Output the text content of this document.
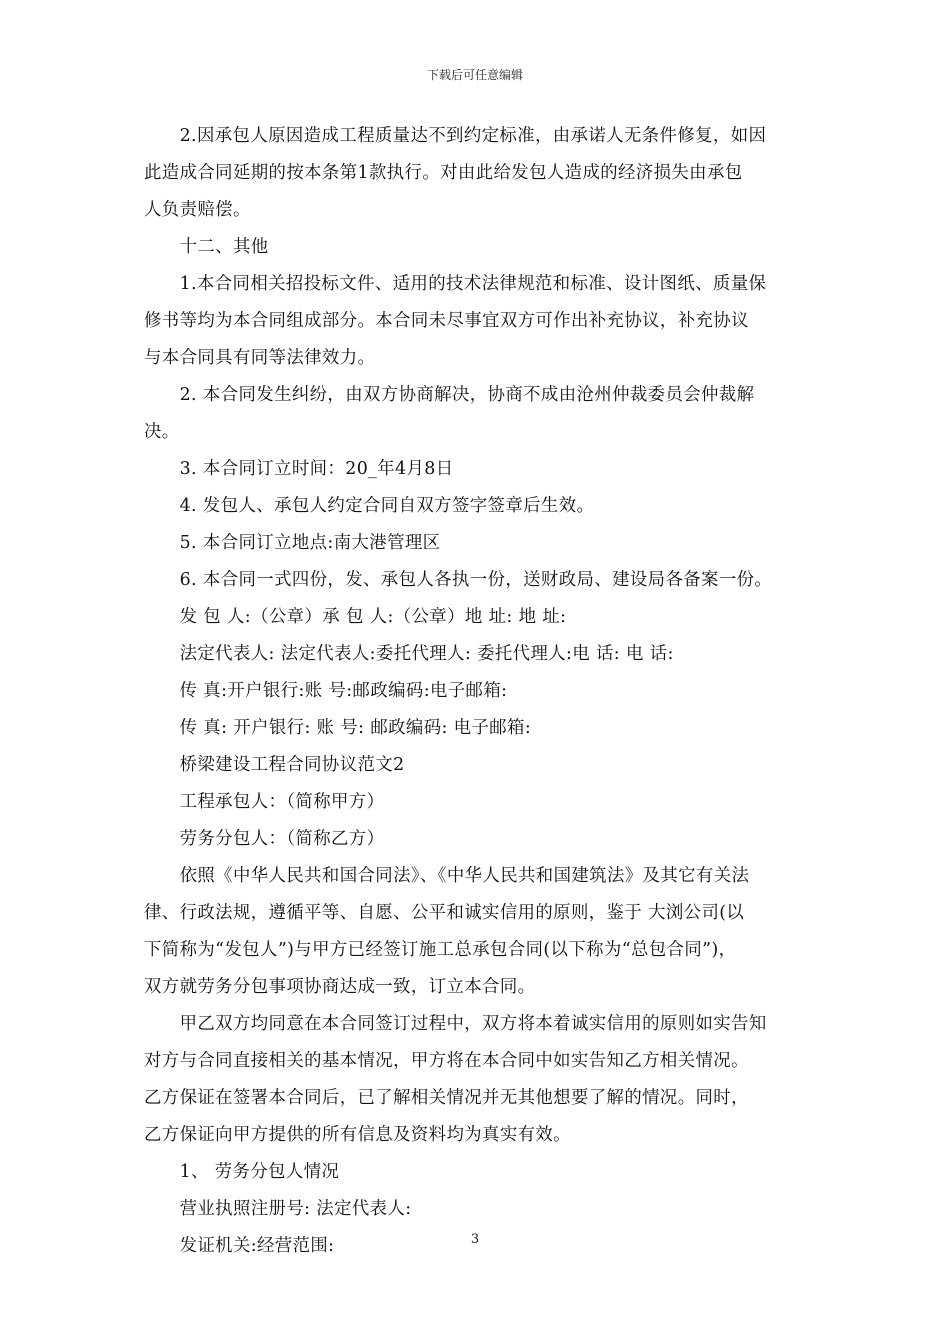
下载后可任意编辑

　　2.因承包人原因造成工程质量达不到约定标准，由承诺人无条件修复，如因

此造成合同延期的按本条第1款执行。对由此给发包人造成的经济损失由承包

人负责赔偿。

　　十二、其他

　　1.本合同相关招投标文件、适用的技术法律规范和标准、设计图纸、质量保

修书等均为本合同组成部分。本合同未尽事宜双方可作出补充协议，补充协议

与本合同具有同等法律效力。

　　2. 本合同发生纠纷，由双方协商解决，协商不成由沧州仲裁委员会仲裁解

决。

　　3. 本合同订立时间：20_年4月8日

　　4. 发包人、承包人约定合同自双方签字签章后生效。

　　5. 本合同订立地点:南大港管理区

　　6. 本合同一式四份，发、承包人各执一份，送财政局、建设局各备案一份。

　　发 包 人:（公章）承 包 人:（公章）地 址: 地 址:

　　法定代表人: 法定代表人:委托代理人: 委托代理人:电 话: 电 话:

　　传 真:开户银行:账 号:邮政编码:电子邮箱:

　　传 真: 开户银行: 账 号: 邮政编码: 电子邮箱:

　　桥梁建设工程合同协议范文2

　　工程承包人：（简称甲方）

　　劳务分包人：（简称乙方）

　　依照《中华人民共和国合同法》、《中华人民共和国建筑法》及其它有关法

律、行政法规，遵循平等、自愿、公平和诚实信用的原则，鉴于 大浏公司(以

下简称为“发包人”)与甲方已经签订施工总承包合同(以下称为“总包合同”)，

双方就劳务分包事项协商达成一致，订立本合同。

　　甲乙双方均同意在本合同签订过程中，双方将本着诚实信用的原则如实告知

对方与合同直接相关的基本情况，甲方将在本合同中如实告知乙方相关情况。

乙方保证在签署本合同后，已了解相关情况并无其他想要了解的情况。同时，

乙方保证向甲方提供的所有信息及资料均为真实有效。

　　1、 劳务分包人情况

　　营业执照注册号: 法定代表人:

　　发证机关:经营范围:	3
